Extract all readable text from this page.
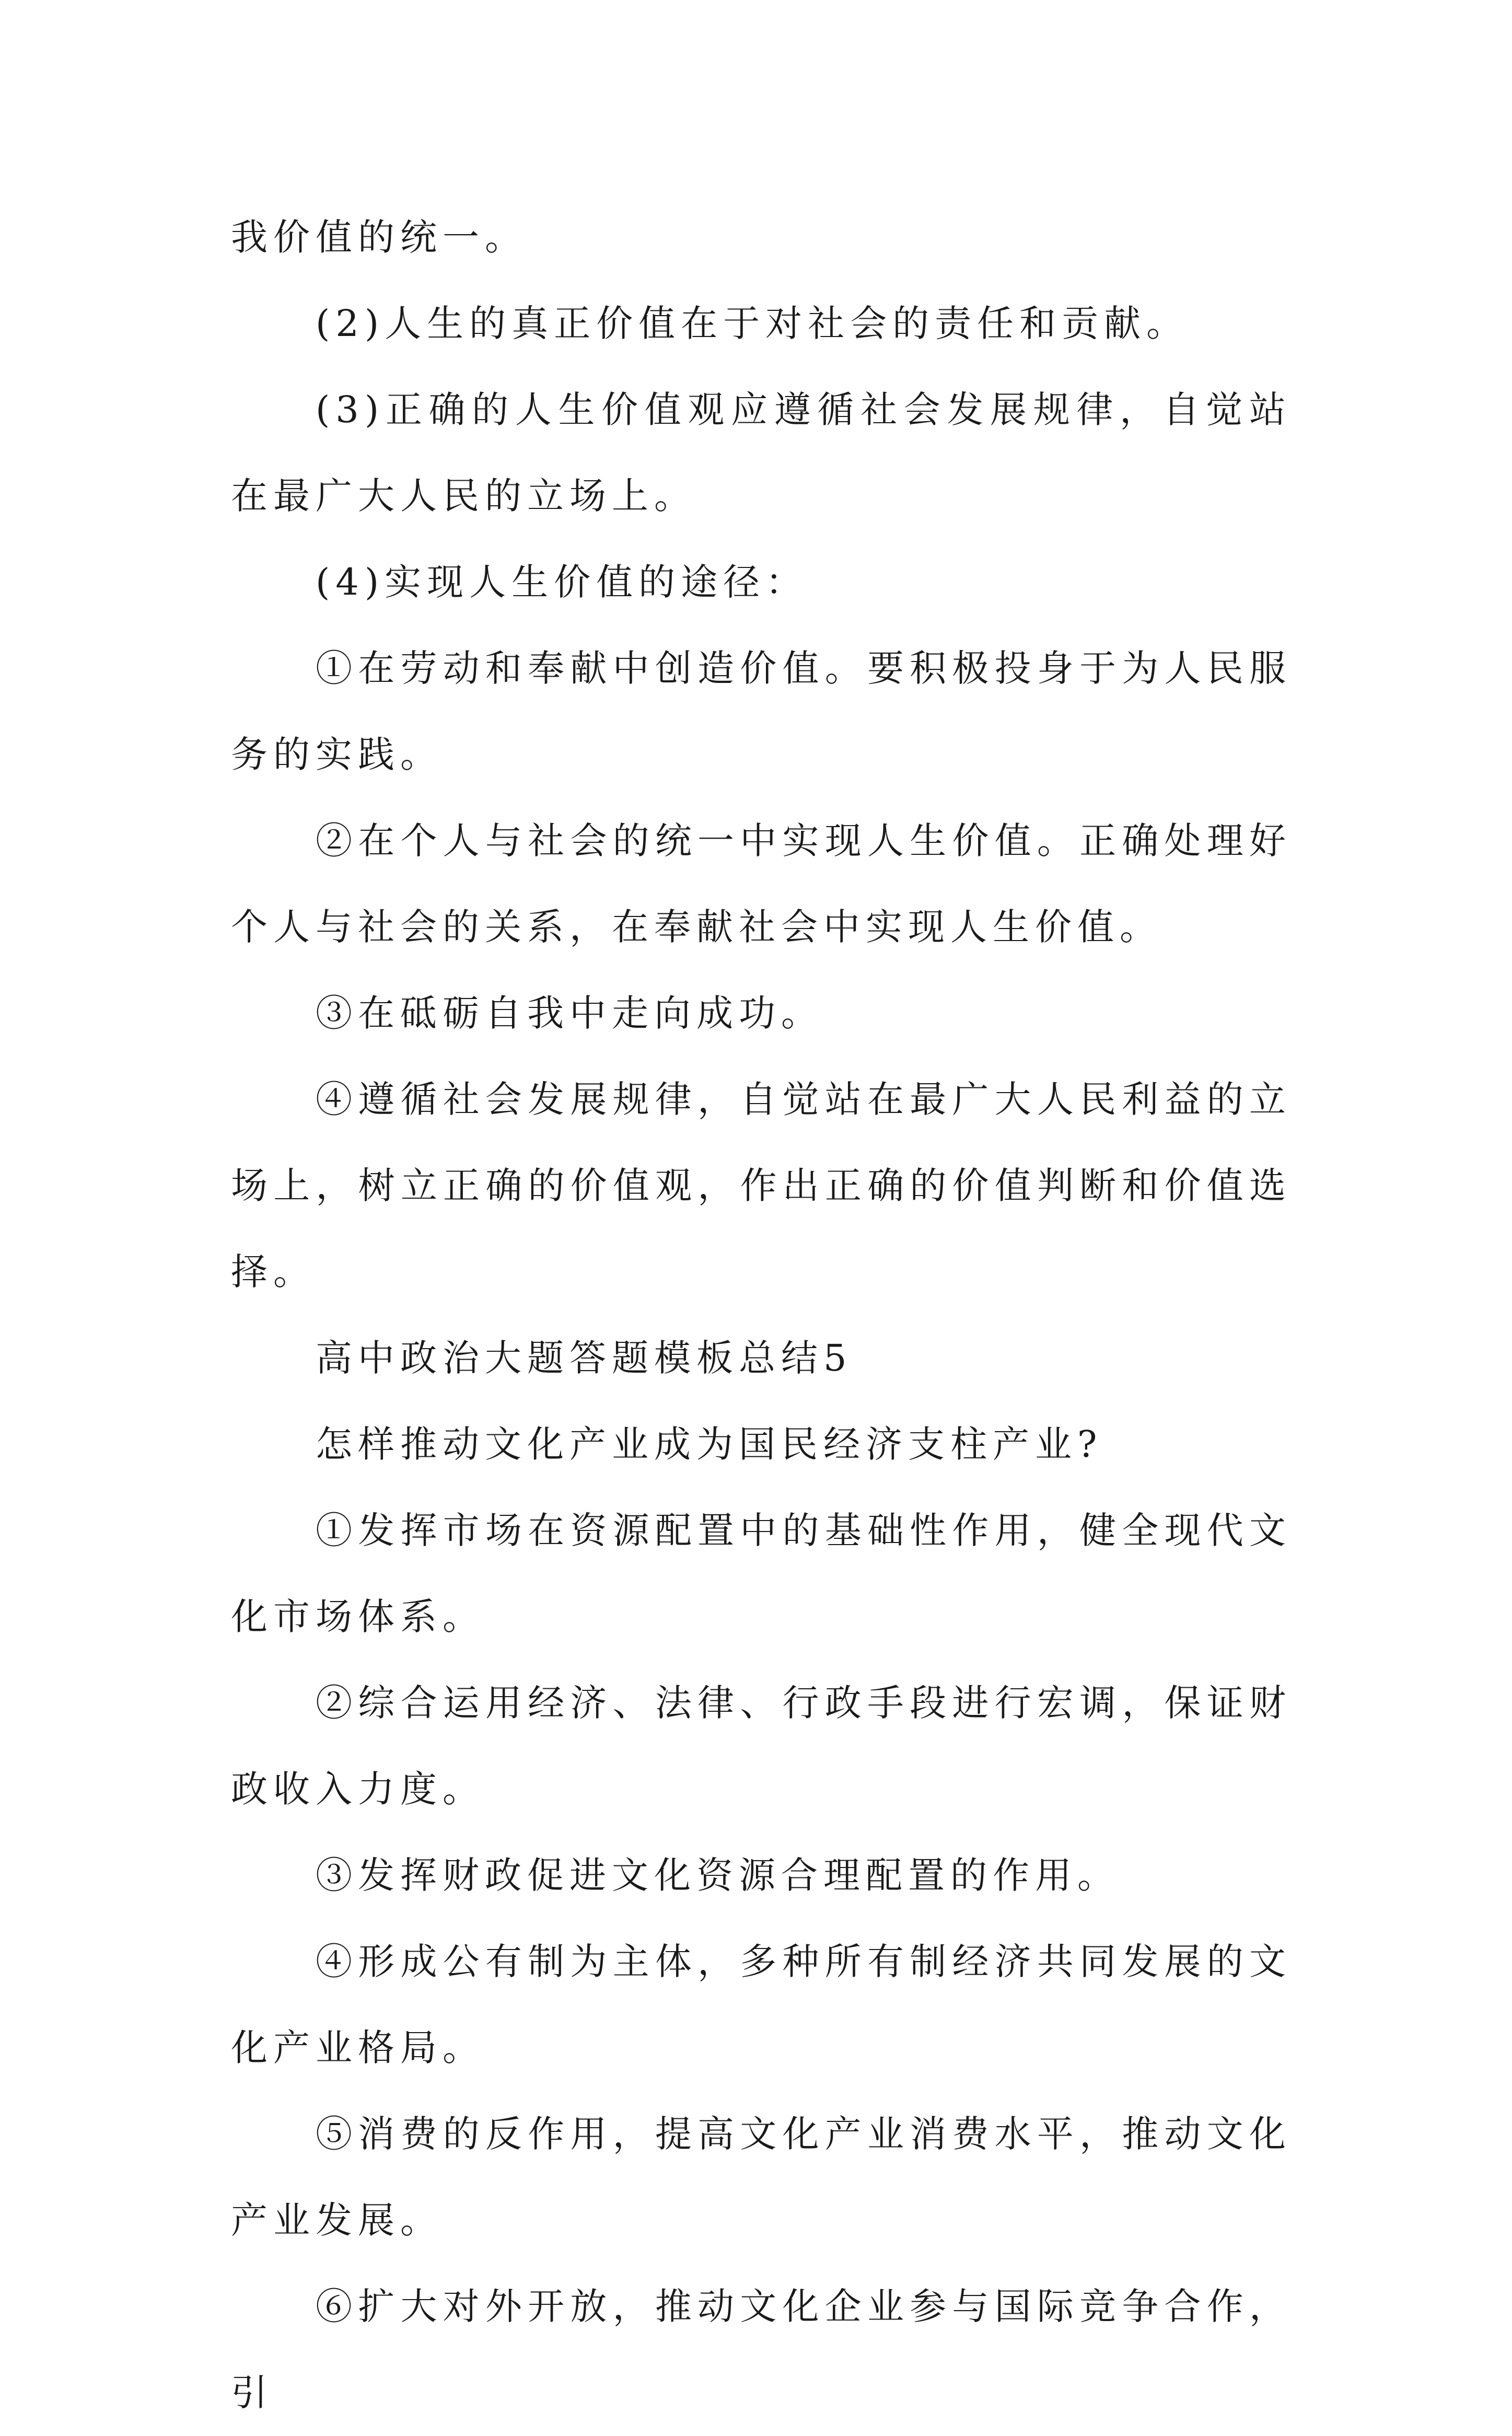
我价值的统一。

(2)人生的真正价值在于对社会的责任和贡献。

(3)正确的人生价值观应遵循社会发展规律，自觉站在最广大人民的立场上。

(4)实现人生价值的途径：

①在劳动和奉献中创造价值。要积极投身于为人民服务的实践。

②在个人与社会的统一中实现人生价值。正确处理好个人与社会的关系，在奉献社会中实现人生价值。

③在砥砺自我中走向成功。

④遵循社会发展规律，自觉站在最广大人民利益的立场上，树立正确的价值观，作出正确的价值判断和价值选择。

高中政治大题答题模板总结5

怎样推动文化产业成为国民经济支柱产业?

①发挥市场在资源配置中的基础性作用，健全现代文化市场体系。

②综合运用经济、法律、行政手段进行宏调，保证财政收入力度。

③发挥财政促进文化资源合理配置的作用。

④形成公有制为主体，多种所有制经济共同发展的文化产业格局。

⑤消费的反作用，提高文化产业消费水平，推动文化产业发展。

⑥扩大对外开放，推动文化企业参与国际竞争合作，引
